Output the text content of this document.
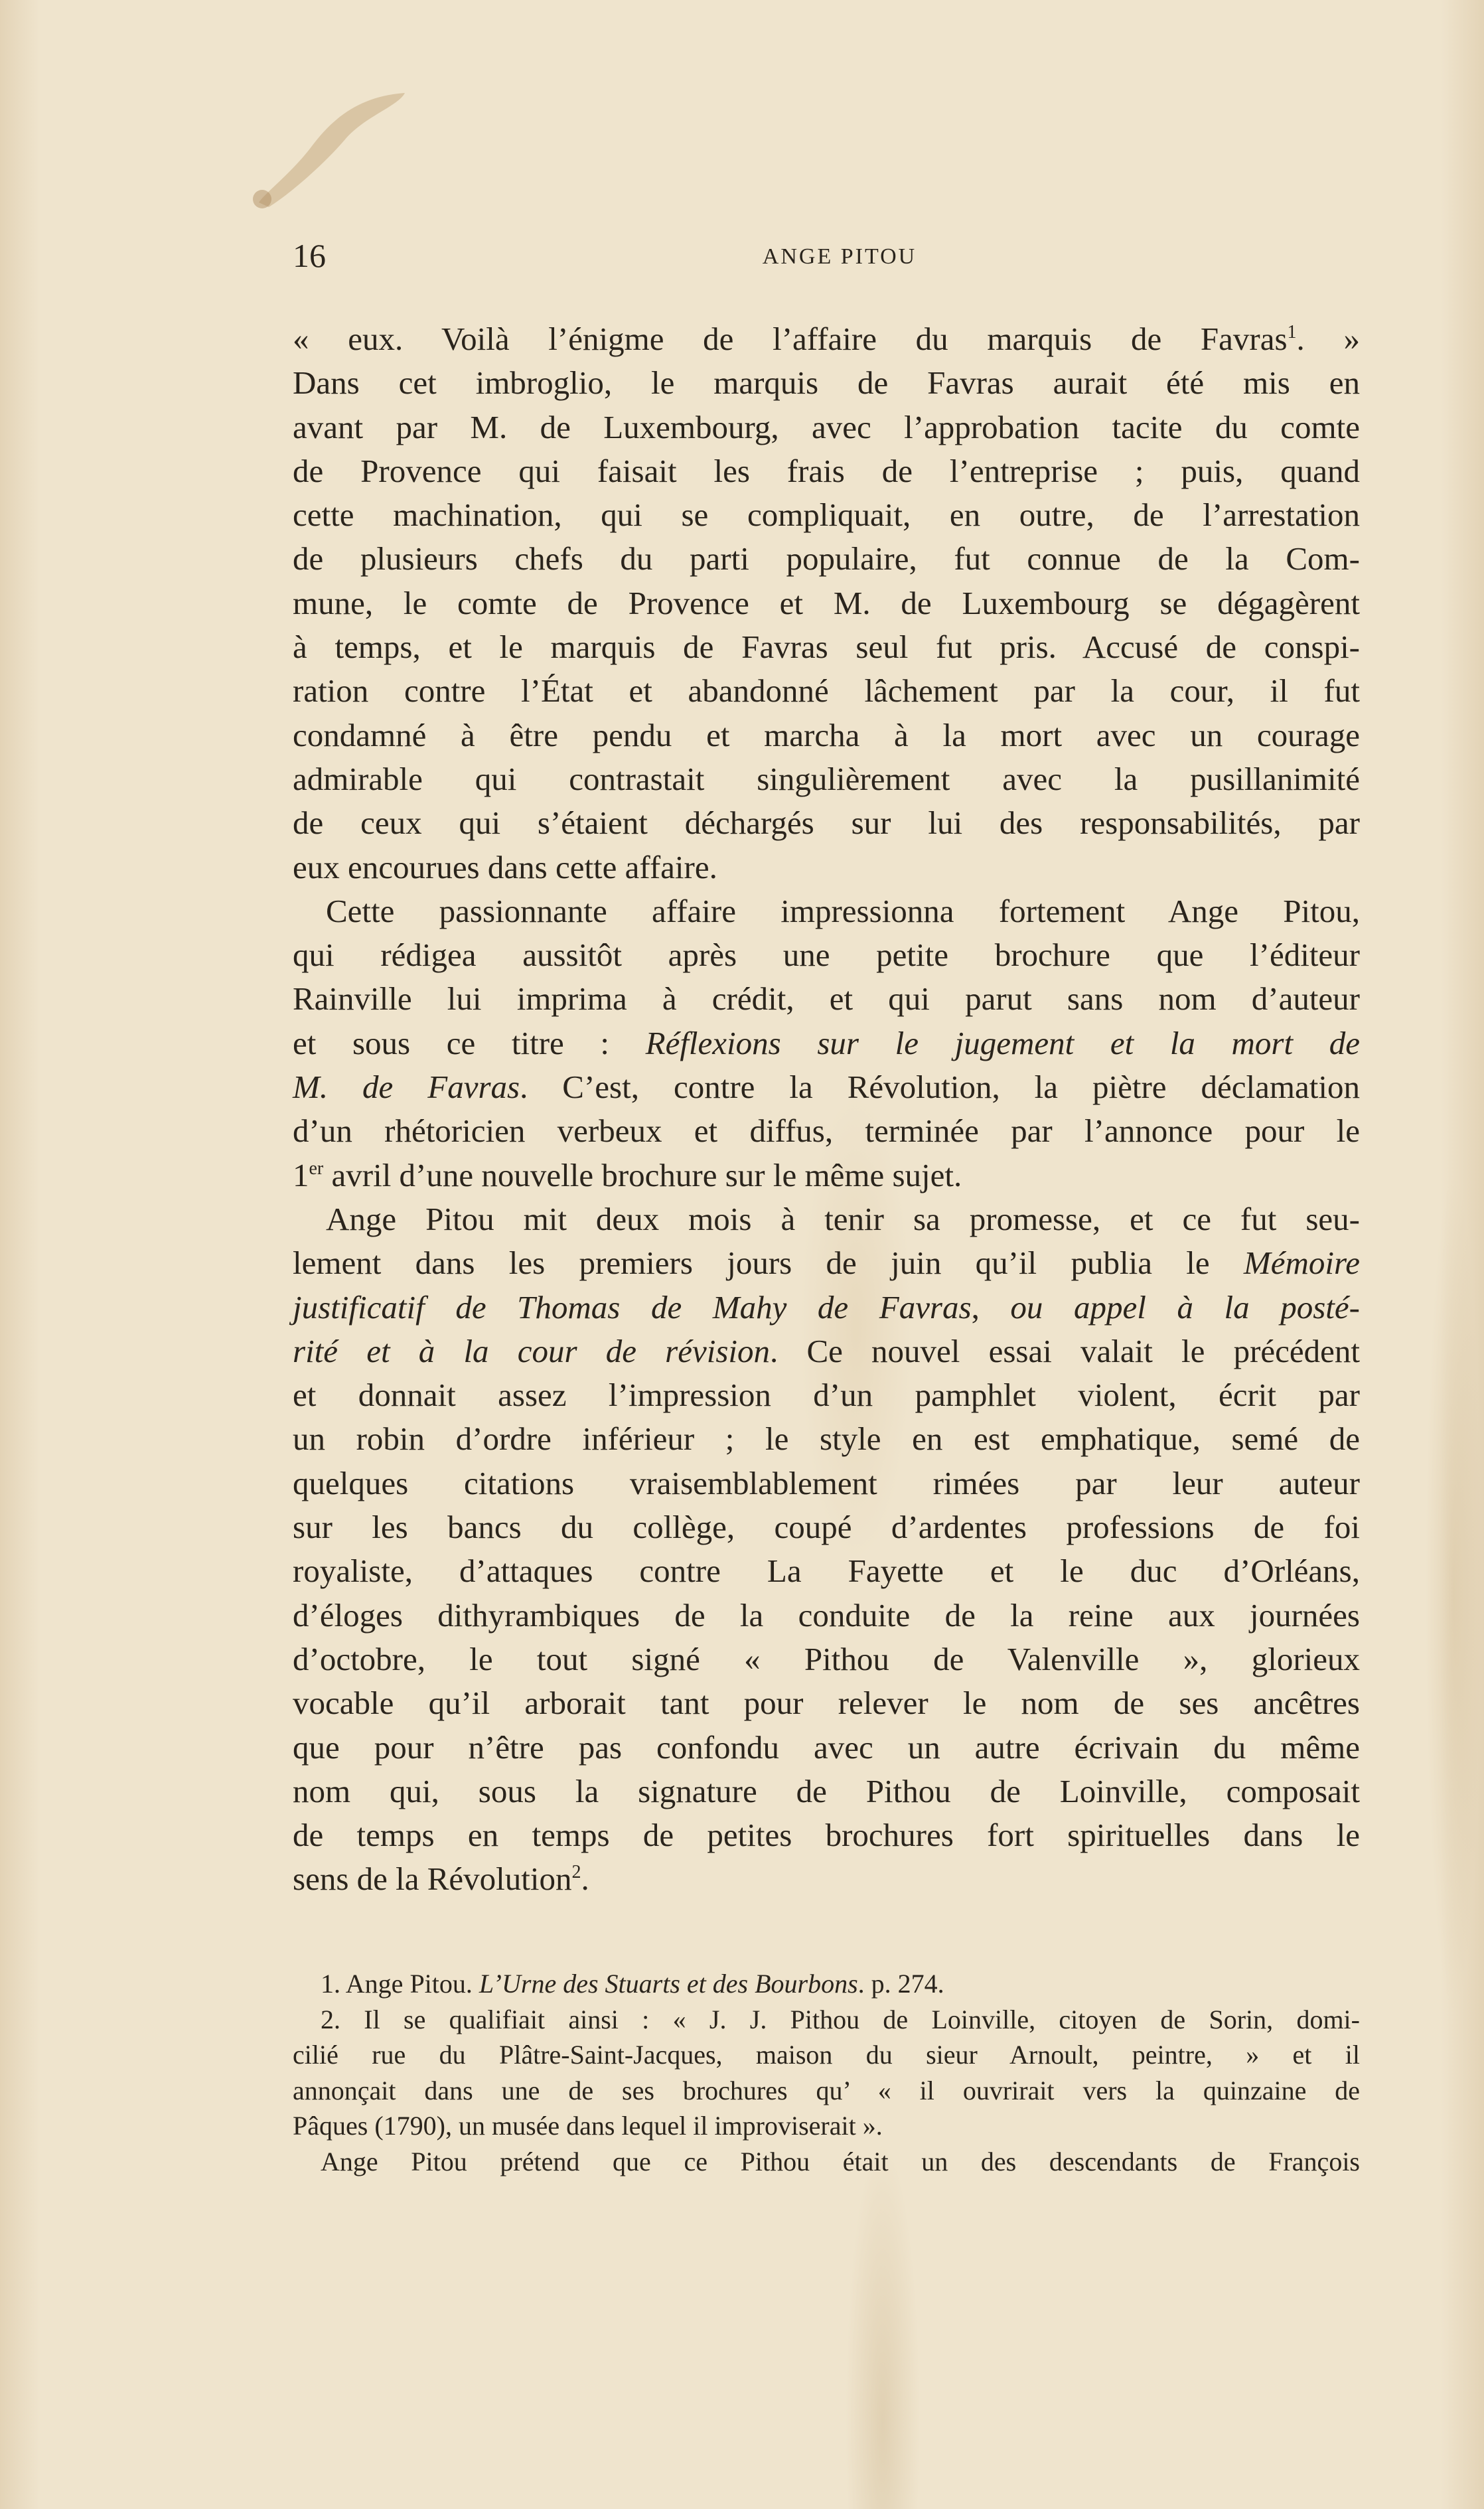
16	ANGE PITOU
« eux. Voilà l’énigme de l’affaire du marquis de Favras$^1$. »
Dans cet imbroglio, le marquis de Favras aurait été mis en
avant par M. de Luxembourg, avec l’approbation tacite du comte
de Provence qui faisait les frais de l’entreprise ; puis, quand
cette machination, qui se compliquait, en outre, de l’arrestation
de plusieurs chefs du parti populaire, fut connue de la Com-
mune, le comte de Provence et M. de Luxembourg se dégagèrent
à temps, et le marquis de Favras seul fut pris. Accusé de conspi-
ration contre l’État et abandonné lâchement par la cour, il fut
condamné à être pendu et marcha à la mort avec un courage
admirable qui contrastait singulièrement avec la pusillanimité
de ceux qui s’étaient déchargés sur lui des responsabilités, par
eux encourues dans cette affaire.
Cette passionnante affaire impressionna fortement Ange Pitou,
qui rédigea aussitôt après une petite brochure que l’éditeur
Rainville lui imprima à crédit, et qui parut sans nom d’auteur
et sous ce titre : Réflexions sur le jugement et la mort de
M. de Favras. C’est, contre la Révolution, la piètre déclamation
d’un rhétoricien verbeux et diffus, terminée par l’annonce pour le
1er avril d’une nouvelle brochure sur le même sujet.
Ange Pitou mit deux mois à tenir sa promesse, et ce fut seu-
lement dans les premiers jours de juin qu’il publia le Mémoire
justificatif de Thomas de Mahy de Favras, ou appel à la posté-
rité et à la cour de révision. Ce nouvel essai valait le précédent
et donnait assez l’impression d’un pamphlet violent, écrit par
un robin d’ordre inférieur ; le style en est emphatique, semé de
quelques citations vraisemblablement rimées par leur auteur
sur les bancs du collège, coupé d’ardentes professions de foi
royaliste, d’attaques contre La Fayette et le duc d’Orléans,
d’éloges dithyrambiques de la conduite de la reine aux journées
d’octobre, le tout signé « Pithou de Valenville », glorieux
vocable qu’il arborait tant pour relever le nom de ses ancêtres
que pour n’être pas confondu avec un autre écrivain du même
nom qui, sous la signature de Pithou de Loinville, composait
de temps en temps de petites brochures fort spirituelles dans le
sens de la Révolution$^2$.
1. Ange Pitou. L’Urne des Stuarts et des Bourbons. p. 274.
2. Il se qualifiait ainsi : « J. J. Pithou de Loinville, citoyen de Sorin, domi-
cilié rue du Plâtre-Saint-Jacques, maison du sieur Arnoult, peintre, » et il
annonçait dans une de ses brochures qu’ « il ouvrirait vers la quinzaine de
Pâques (1790), un musée dans lequel il improviserait ».
Ange Pitou prétend que ce Pithou était un des descendants de François
